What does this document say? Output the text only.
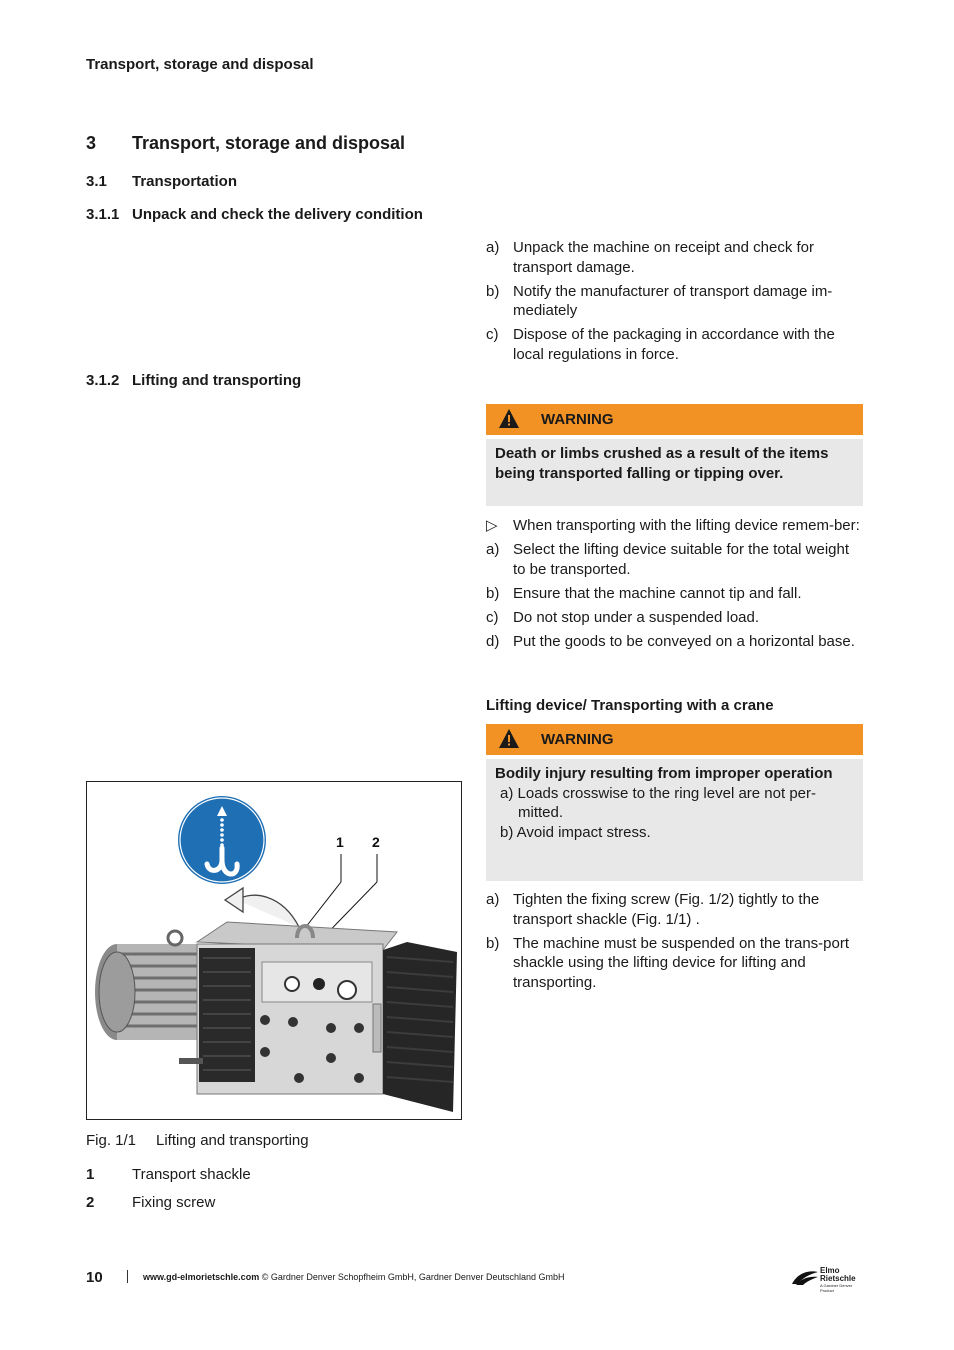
Transport, storage and disposal
3 Transport, storage and disposal
3.1 Transportation
3.1.1 Unpack and check the delivery condition
3.1.2 Lifting and transporting
a) Unpack the machine on receipt and check for transport damage.
b) Notify the manufacturer of transport damage im-mediately
c) Dispose of the packaging in accordance with the local regulations in force.
WARNING
Death or limbs crushed as a result of the items being transported falling or tipping over.
▷ When transporting with the lifting device remem-ber:
a) Select the lifting device suitable for the total weight to be transported.
b) Ensure that the machine cannot tip and fall.
c) Do not stop under a suspended load.
d) Put the goods to be conveyed on a horizontal base.
Lifting device/ Transporting with a crane
WARNING
Bodily injury resulting from improper operation
a) Loads crosswise to the ring level are not per-mitted.
b) Avoid impact stress.
a) Tighten the fixing screw (Fig. 1/2) tightly to the transport shackle (Fig. 1/1) .
b) The machine must be suspended on the trans-port shackle using the lifting device for lifting and transporting.
1 2
Fig. 1/1 Lifting and transporting
1	Transport shackle
2	Fixing screw
10	www.gd-elmorietschle.com © Gardner Denver Schopfheim GmbH, Gardner Denver Deutschland GmbH
Elmo
Rietschle
A Gardner Denver Product
